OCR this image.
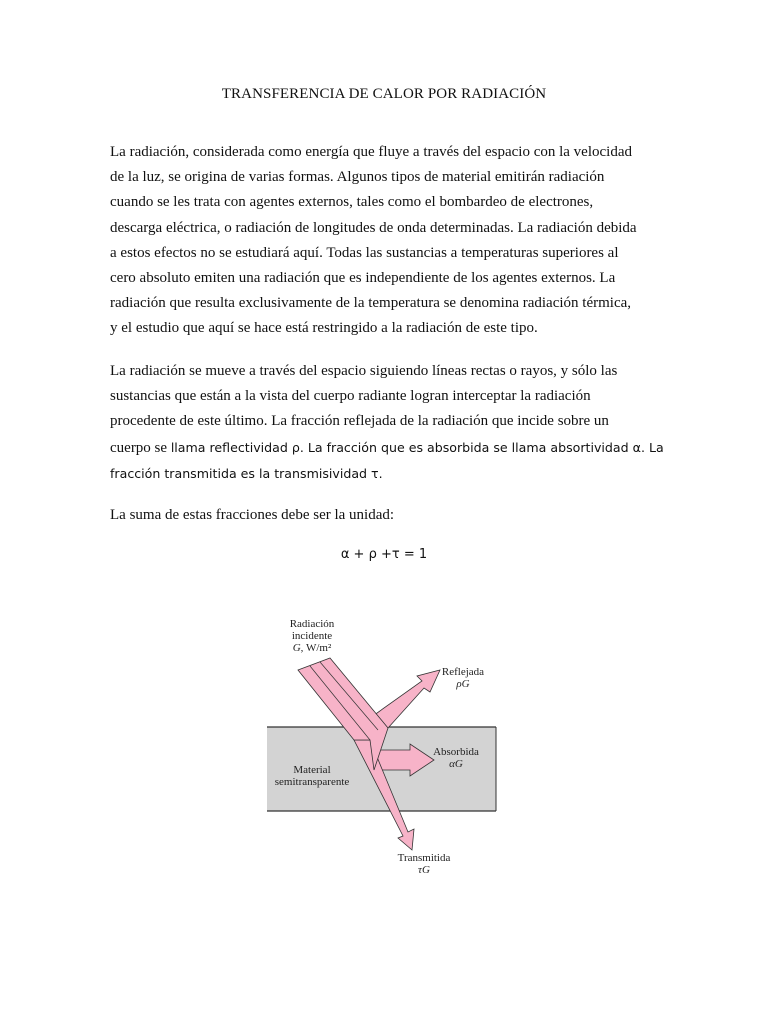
TRANSFERENCIA DE CALOR POR RADIACIÓN
La radiación, considerada como energía que fluye a través del espacio con la velocidad
de la luz, se origina de varias formas. Algunos tipos de material emitirán radiación
cuando se les trata con agentes externos, tales como el bombardeo de electrones,
descarga eléctrica, o radiación de longitudes de onda determinadas. La radiación debida
a estos efectos no se estudiará aquí. Todas las sustancias a temperaturas superiores al
cero absoluto emiten una radiación que es independiente de los agentes externos. La
radiación que resulta exclusivamente de la temperatura se denomina radiación térmica,
y el estudio que aquí se hace está restringido a la radiación de este tipo.
La radiación se mueve a través del espacio siguiendo líneas rectas o rayos, y sólo las
sustancias que están a la vista del cuerpo radiante logran interceptar la radiación
procedente de este último. La fracción reflejada de la radiación que incide sobre un
cuerpo se llama reflectividad ρ. La fracción que es absorbida se llama absortividad α. La
fracción transmitida es la transmisividad τ.
La suma de estas fracciones debe ser la unidad:
α + ρ +τ = 1
Radiación
incidente
G, W/m²
Reflejada
ρG
Absorbida
αG
Material
semitransparente
Transmitida
τG
